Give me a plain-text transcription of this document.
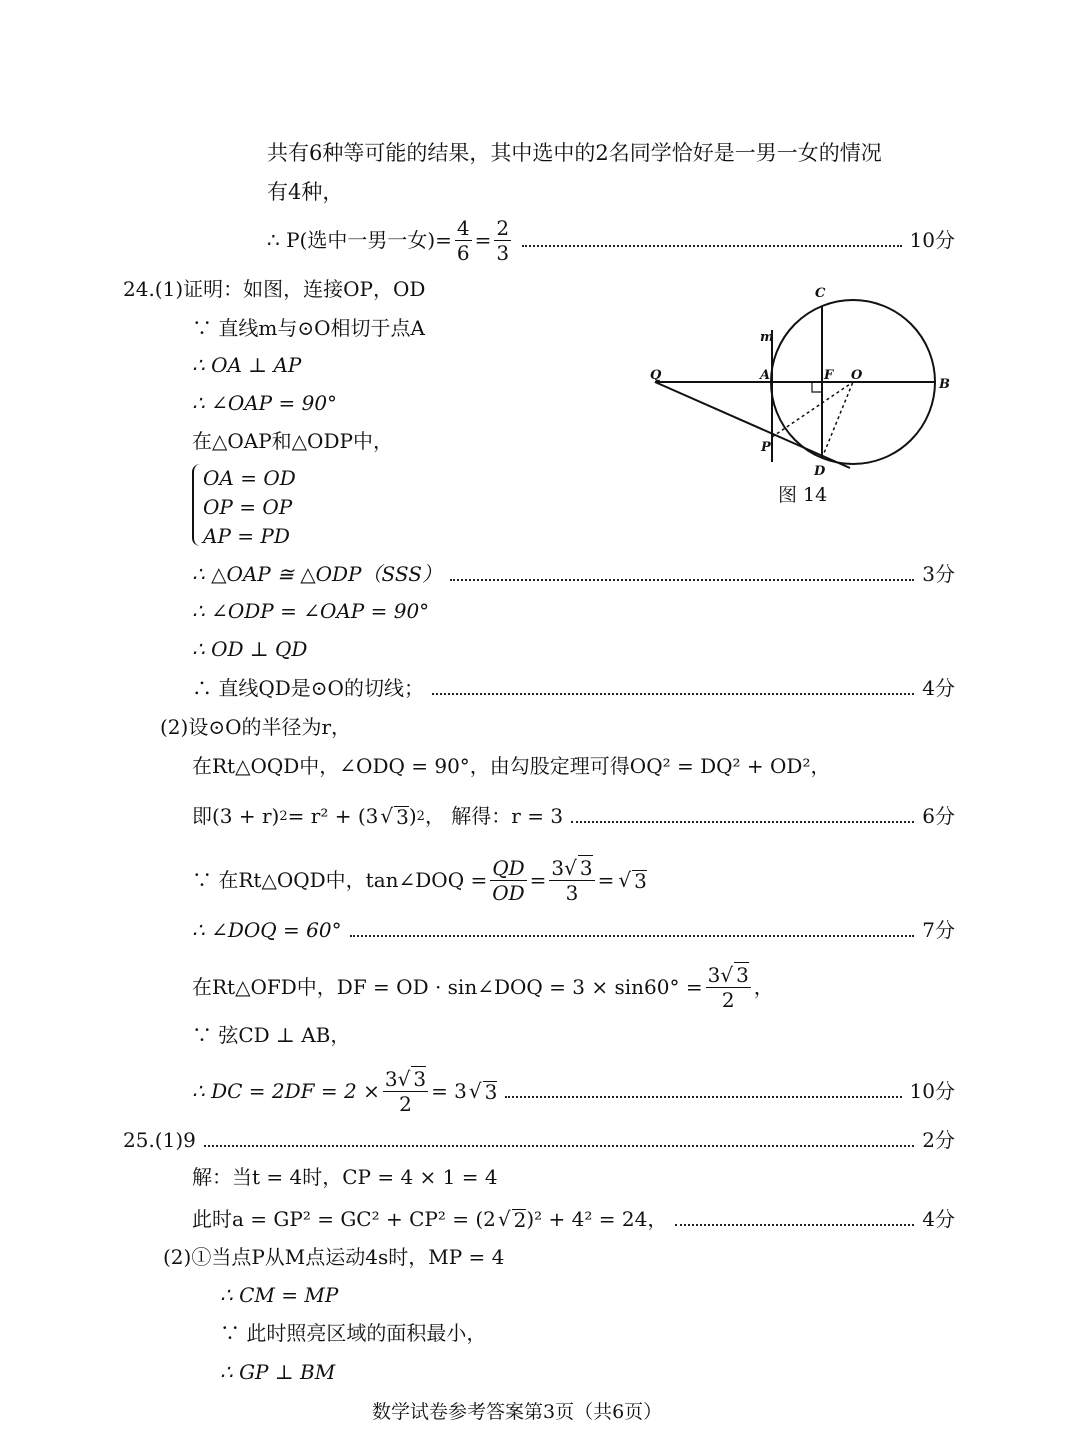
共有6种等可能的结果，其中选中的2名同学恰好是一男一女的情况
有4种，
∴ P(选中一男一女)= $\frac{4}{6} = \frac{2}{3}$	10分
24.(1)证明：如图，连接OP，OD
∵ 直线m与⊙O相切于点A
∴ OA ⊥ AP
∴ ∠OAP = 90°
在△OAP和△ODP中，
OA = OD
OP = OP
AP = PD
∴ △OAP ≅ △ODP（SSS）	3分
∴ ∠ODP = ∠OAP = 90°
∴ OD ⊥ QD
∴ 直线QD是⊙O的切线；	4分
(2)设⊙O的半径为r，
在Rt△OQD中，∠ODQ = 90°，由勾股定理可得OQ² = DQ² + OD²，
即(3 + r) 2 = r² + (3 √ 3 ) 2 ， 解得：r = 3	6分
∵ 在Rt△OQD中，tan∠DOQ = $\frac{QD}{OD} = \frac{3√ 3}{3}$ = √ 3
∴ ∠DOQ = 60°	7分
在Rt△OFD中，DF = OD · sin∠DOQ = $3 \times \sin 60^\circ = \frac{3√ 3}{2}$ ，
∵ 弦CD ⊥ AB，
∴ DC = $2DF = 2 \times \frac{3√ 3}{2} = 3$ √ 3	10分
25.(1)9	2分
解：当t = 4时，CP = 4 × 1 = 4
此时a = GP² = GC² + CP² = (2 √ 2 )² + 4² = 24，	4分
(2)①当点P从M点运动4s时，MP = 4
∴ CM = MP
∵ 此时照亮区域的面积最小，
∴ GP ⊥ BM
数学试卷参考答案第3页（共6页）
C
m
Q	A	F O
B
P
D
图 14
